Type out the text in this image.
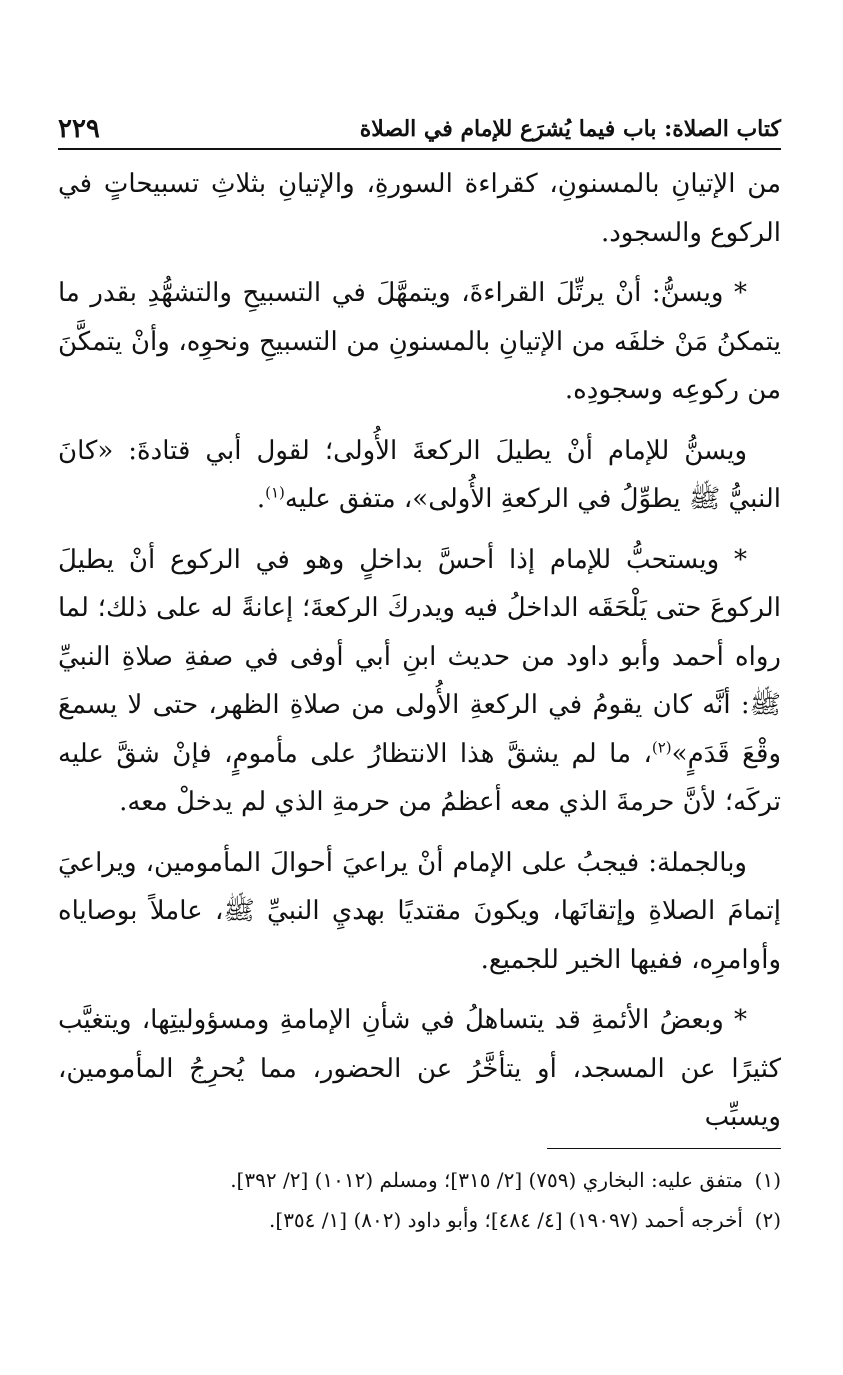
كتاب الصلاة: باب فيما يُشرَع للإمام في الصلاة
٢٢٩

من الإتيانِ بالمسنونِ، كقراءة السورةِ، والإتيانِ بثلاثِ تسبيحاتٍ في الركوع والسجود.

* ويسنُّ: أنْ يرتِّلَ القراءةَ، ويتمهَّلَ في التسبيحِ والتشهُّدِ بقدر ما يتمكنُ مَنْ خلفَه من الإتيانِ بالمسنونِ من التسبيحِ ونحوِه، وأنْ يتمكَّنَ من ركوعِه وسجودِه.

ويسنُّ للإمام أنْ يطيلَ الركعةَ الأُولى؛ لقول أبي قتادةَ: «كانَ النبيُّ ﷺ يطوِّلُ في الركعةِ الأُولى»، متفق عليه$^{(١)}$.

* ويستحبُّ للإمام إذا أحسَّ بداخلٍ وهو في الركوع أنْ يطيلَ الركوعَ حتى يَلْحَقَه الداخلُ فيه ويدركَ الركعةَ؛ إعانةً له على ذلك؛ لما رواه أحمد وأبو داود من حديث ابنِ أبي أوفى في صفةِ صلاةِ النبيِّ ﷺ: أنَّه كان يقومُ في الركعةِ الأُولى من صلاةِ الظهر، حتى لا يسمعَ وقْعَ قَدَمٍ»$^{(٢)}$، ما لم يشقَّ هذا الانتظارُ على مأمومٍ، فإنْ شقَّ عليه تركَه؛ لأنَّ حرمةَ الذي معه أعظمُ من حرمةِ الذي لم يدخلْ معه.

وبالجملة: فيجبُ على الإمام أنْ يراعيَ أحوالَ المأمومين، ويراعيَ إتمامَ الصلاةِ وإتقانَها، ويكونَ مقتديًا بهديِ النبيِّ ﷺ، عاملاً بوصاياه وأوامرِه، ففيها الخير للجميع.

* وبعضُ الأئمةِ قد يتساهلُ في شأنِ الإمامةِ ومسؤوليتِها، ويتغيَّب كثيرًا عن المسجد، أو يتأخَّرُ عن الحضور، مما يُحرِجُ المأمومين، ويسبِّب

(١)
متفق عليه: البخاري (٧٥٩) [٢/ ٣١٥]؛ ومسلم (١٠١٢) [٢/ ٣٩٢].
(٢)
أخرجه أحمد (١٩٠٩٧) [٤/ ٤٨٤]؛ وأبو داود (٨٠٢) [١/ ٣٥٤].
